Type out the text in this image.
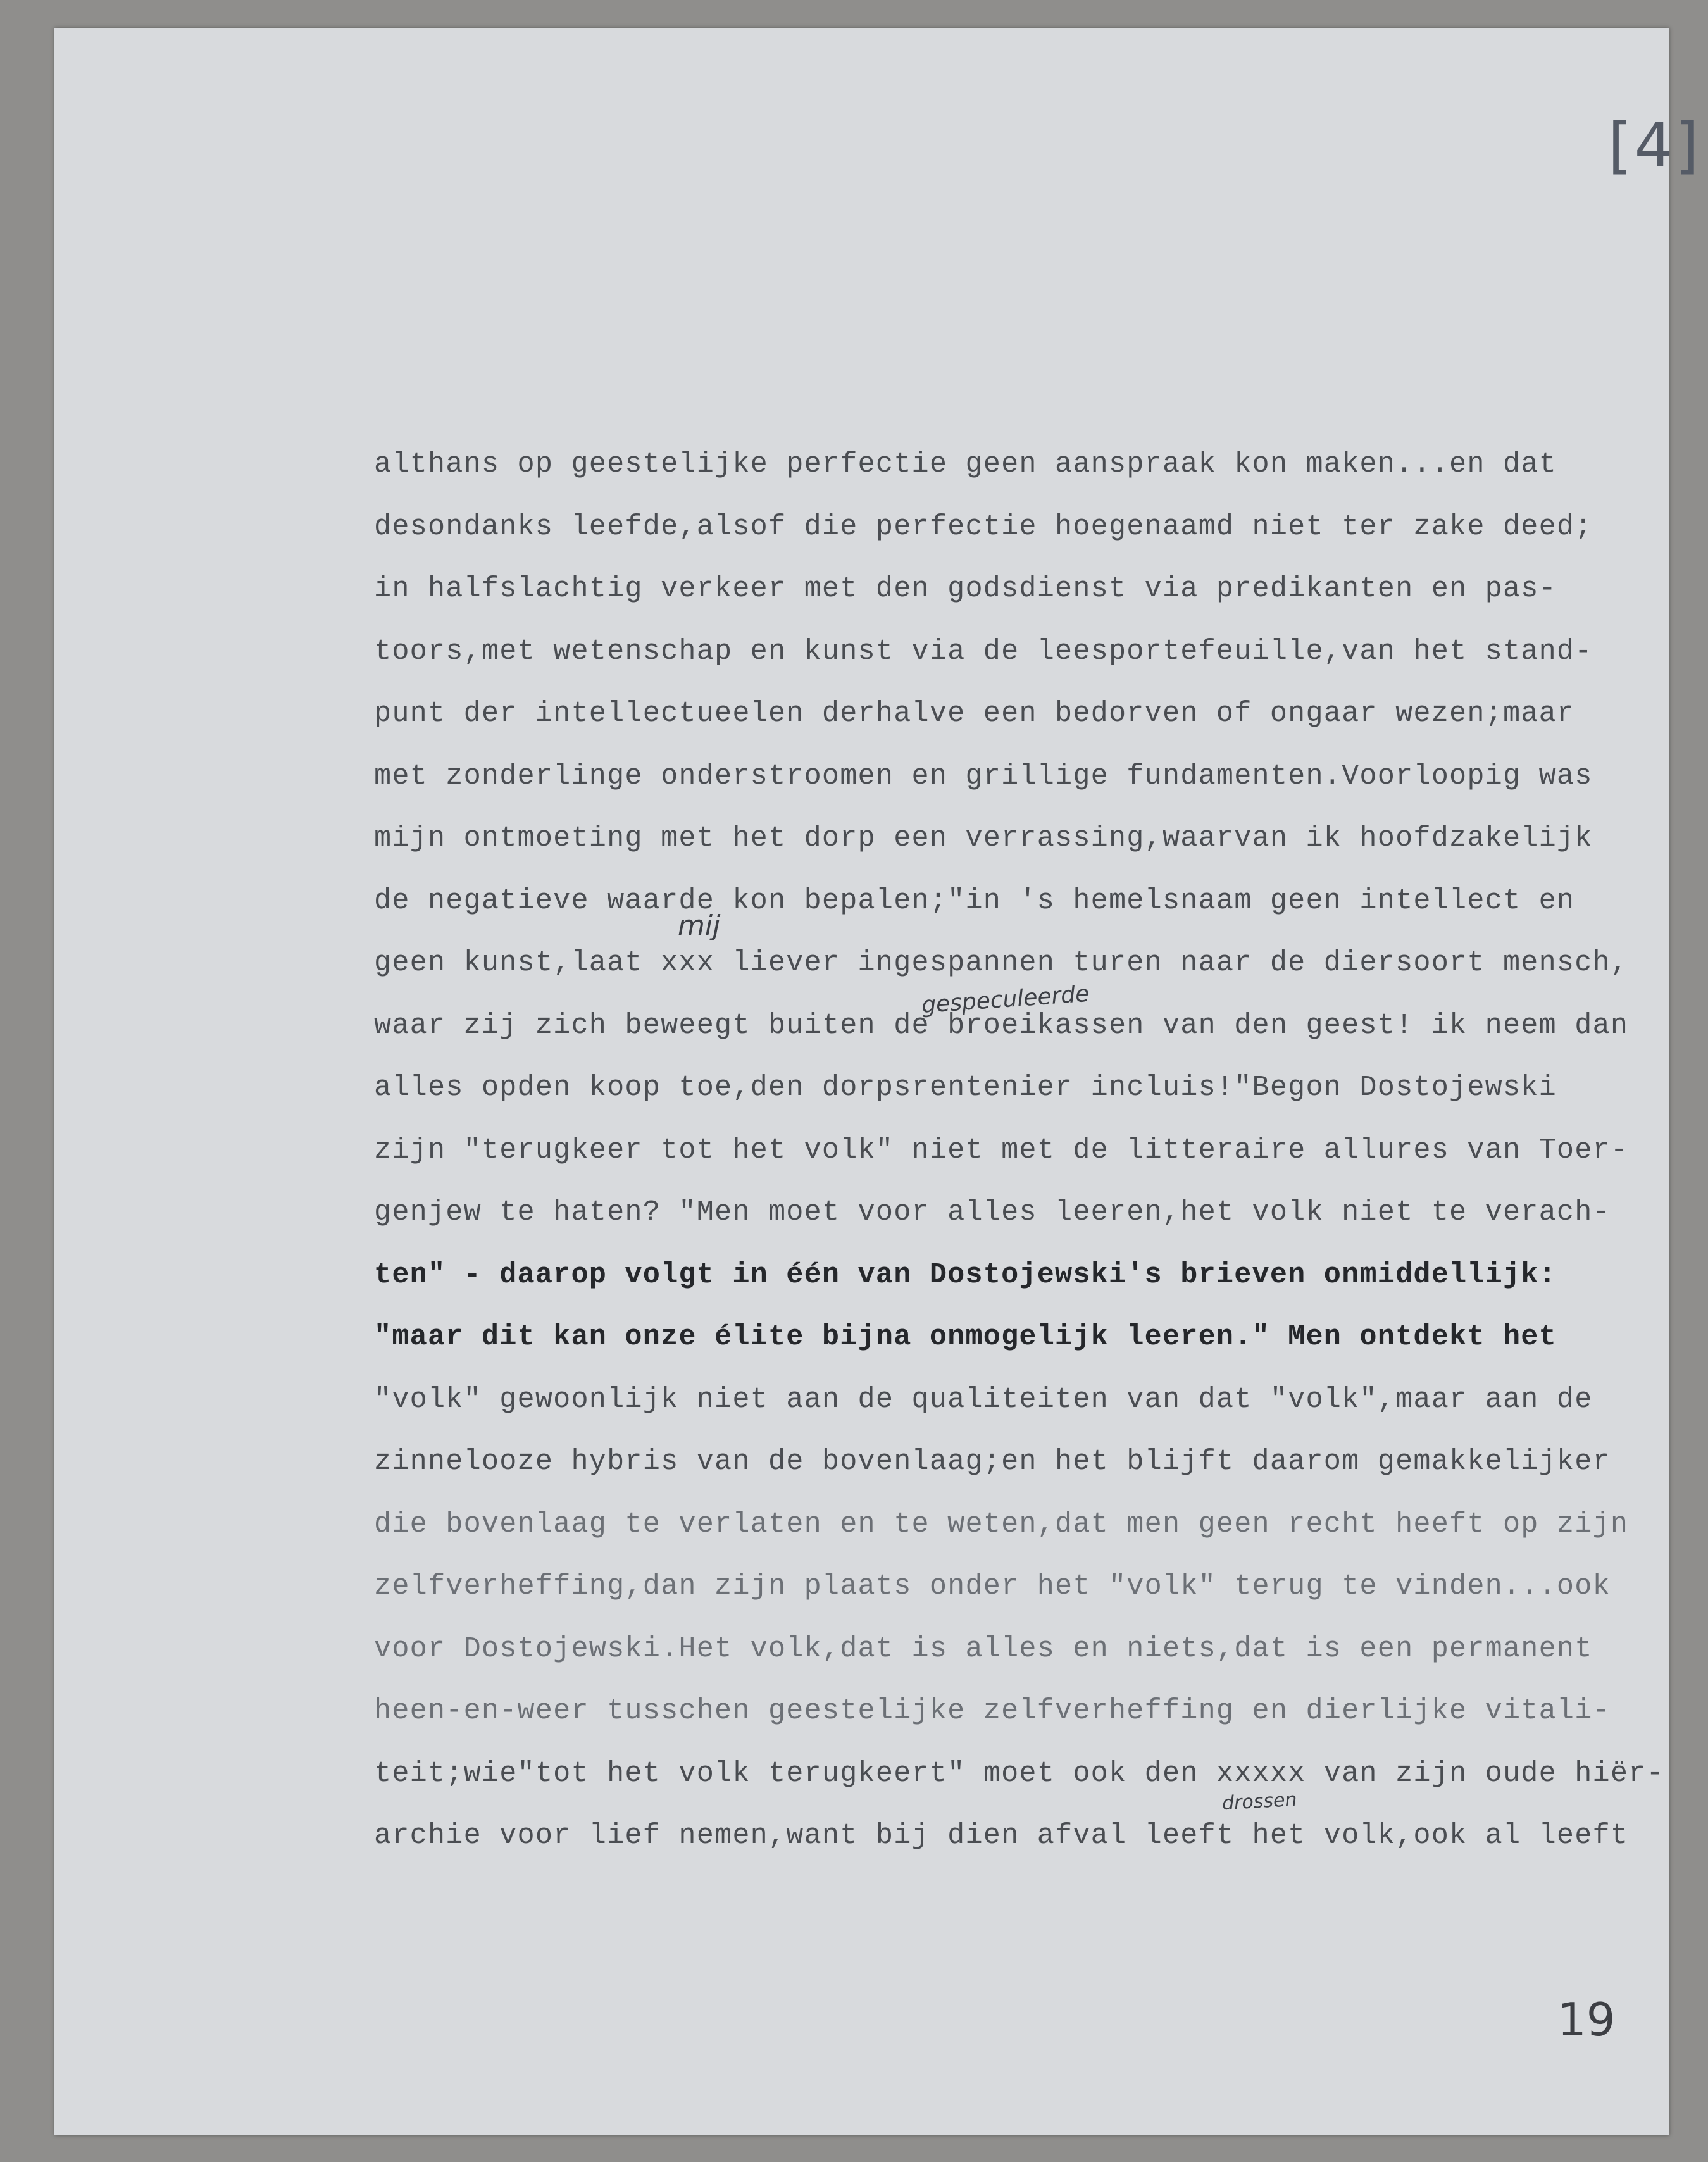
[4]
althans op geestelijke perfectie geen aanspraak kon maken...en dat
desondanks leefde,alsof die perfectie hoegenaamd niet ter zake deed;
in halfslachtig verkeer met den godsdienst via predikanten en pas-
toors,met wetenschap en kunst via de leesportefeuille,van het stand-
punt der intellectueelen derhalve een bedorven of ongaar wezen;maar
met zonderlinge onderstroomen en grillige fundamenten.Voorloopig was
mijn ontmoeting met het dorp een verrassing,waarvan ik hoofdzakelijk
de negatieve waarde kon bepalen;"in 's hemelsnaam geen intellect en
geen kunst,laat xxx liever ingespannen turen naar de diersoort mensch,
waar zij zich beweegt buiten de broeikassen van den geest! ik neem dan
alles opden koop toe,den dorpsrentenier incluis!"Begon Dostojewski
zijn "terugkeer tot het volk" niet met de litteraire allures van Toer-
genjew te haten? "Men moet voor alles leeren,het volk niet te verach-
ten" - daarop volgt in één van Dostojewski's brieven onmiddellijk:
"maar dit kan onze élite bijna onmogelijk leeren." Men ontdekt het
"volk" gewoonlijk niet aan de qualiteiten van dat "volk",maar aan de
zinnelooze hybris van de bovenlaag;en het blijft daarom gemakkelijker
die bovenlaag te verlaten en te weten,dat men geen recht heeft op zijn
zelfverheffing,dan zijn plaats onder het "volk" terug te vinden...ook
voor Dostojewski.Het volk,dat is alles en niets,dat is een permanent
heen-en-weer tusschen geestelijke zelfverheffing en dierlijke vitali-
teit;wie"tot het volk terugkeert" moet ook den xxxxx van zijn oude hiër-
archie voor lief nemen,want bij dien afval leeft het volk,ook al leeft
mij
gespeculeerde
drossen
19
